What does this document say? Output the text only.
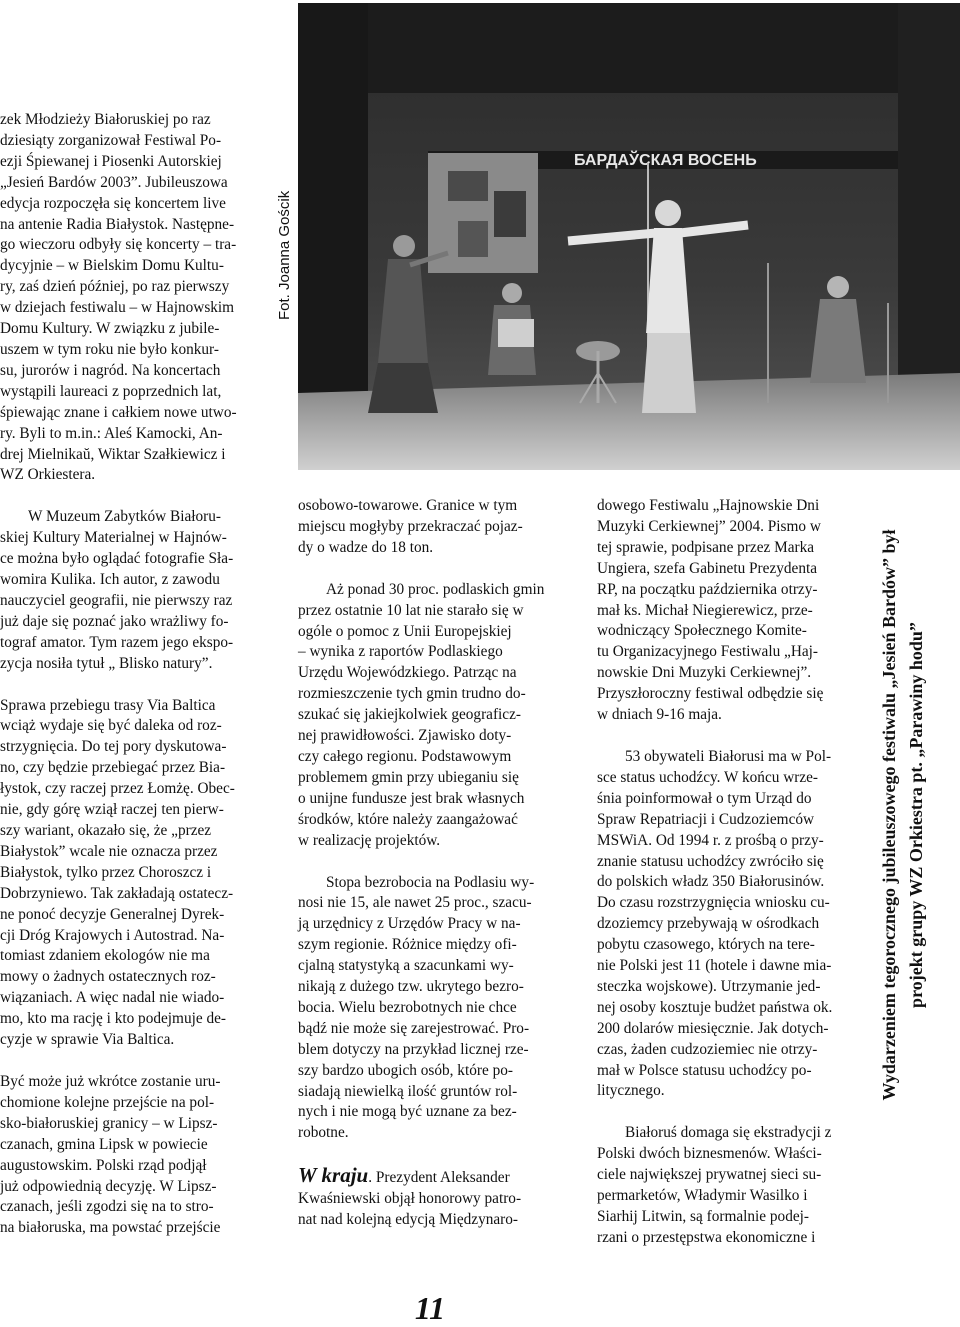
zek Młodzieży Białoruskiej po raz
dziesiąty zorganizował Festiwal Po-
ezji Śpiewanej i Piosenki Autorskiej
„Jesień Bardów 2003”. Jubileuszowa
edycja rozpoczęła się koncertem live
na antenie Radia Białystok. Następne-
go wieczoru odbyły się koncerty – tra-
dycyjnie – w Bielskim Domu Kultu-
ry, zaś dzień później, po raz pierwszy
w dziejach festiwalu – w Hajnowskim
Domu Kultury. W związku z jubile-
uszem w tym roku nie było konkur-
su, jurorów i nagród. Na koncertach
wystąpili laureaci z poprzednich lat,
śpiewając znane i całkiem nowe utwo-
ry. Byli to m.in.: Aleś Kamocki, An-
drej Mielnikaŭ, Wiktar Szałkiewicz i
WZ Orkiestera.

W Muzeum Zabytków Białoru-
skiej Kultury Materialnej w Hajnów-
ce można było oglądać fotografie Sła-
womira Kulika. Ich autor, z zawodu
nauczyciel geografii, nie pierwszy raz
już daje się poznać jako wrażliwy fo-
tograf amator. Tym razem jego ekspo-
zycja nosiła tytuł „ Blisko natury”.

Sprawa przebiegu trasy Via Baltica
wciąż wydaje się być daleka od roz-
strzygnięcia. Do tej pory dyskutowa-
no, czy będzie przebiegać przez Bia-
łystok, czy raczej przez Łomżę. Obec-
nie, gdy górę wziął raczej ten pierw-
szy wariant, okazało się, że „przez
Białystok” wcale nie oznacza przez
Białystok, tylko przez Choroszcz i
Dobrzyniewo. Tak zakładają ostatecz-
ne ponoć decyzje Generalnej Dyrek-
cji Dróg Krajowych i Autostrad. Na-
tomiast zdaniem ekologów nie ma
mowy o żadnych ostatecznych roz-
wiązaniach. A więc nadal nie wiado-
mo, kto ma rację i kto podejmuje de-
cyzje w sprawie Via Baltica.

Być może już wkrótce zostanie uru-
chomione kolejne przejście na pol-
sko-białoruskiej granicy – w Lipsz-
czanach, gmina Lipsk w powiecie
augustowskim. Polski rząd podjął
już odpowiednią decyzję. W Lipsz-
czanach, jeśli zgodzi się na to stro-
na białoruska, ma powstać przejście

osobowo-towarowe. Granice w tym
miejscu mogłyby przekraczać pojaz-
dy o wadze do 18 ton.

Aż ponad 30 proc. podlaskich gmin
przez ostatnie 10 lat nie starało się w
ogóle o pomoc z Unii Europejskiej
– wynika z raportów Podlaskiego
Urzędu Wojewódzkiego. Patrząc na
rozmieszczenie tych gmin trudno do-
szukać się jakiejkolwiek geograficz-
nej prawidłowości. Zjawisko doty-
czy całego regionu. Podstawowym
problemem gmin przy ubieganiu się
o unijne fundusze jest brak własnych
środków, które należy zaangażować
w realizację projektów.

Stopa bezrobocia na Podlasiu wy-
nosi nie 15, ale nawet 25 proc., szacu-
ją urzędnicy z Urzędów Pracy w na-
szym regionie. Różnice między ofi-
cjalną statystyką a szacunkami wy-
nikają z dużego tzw. ukrytego bezro-
bocia. Wielu bezrobotnych nie chce
bądź nie może się zarejestrować. Pro-
blem dotyczy na przykład licznej rze-
szy bardzo ubogich osób, które po-
siadają niewielką ilość gruntów rol-
nych i nie mogą być uznane za bez-
robotne.

W kraju. Prezydent Aleksander
Kwaśniewski objął honorowy patro-
nat nad kolejną edycją Międzynaro-

dowego Festiwalu „Hajnowskie Dni
Muzyki Cerkiewnej” 2004. Pismo w
tej sprawie, podpisane przez Marka
Ungiera, szefa Gabinetu Prezydenta
RP, na początku października otrzy-
mał ks. Michał Niegierewicz, prze-
wodniczący Społecznego Komite-
tu Organizacyjnego Festiwalu „Haj-
nowskie Dni Muzyki Cerkiewnej”.
Przyszłoroczny festiwal odbędzie się
w dniach 9-16 maja.

53 obywateli Białorusi ma w Pol-
sce status uchodźcy. W końcu wrze-
śnia poinformował o tym Urząd do
Spraw Repatriacji i Cudzoziemców
MSWiA. Od 1994 r. z prośbą o przy-
znanie statusu uchodźcy zwróciło się
do polskich władz 350 Białorusinów.
Do czasu rozstrzygnięcia wniosku cu-
dzoziemcy przebywają w ośrodkach
pobytu czasowego, których na tere-
nie Polski jest 11 (hotele i dawne mia-
steczka wojskowe). Utrzymanie jed-
nej osoby kosztuje budżet państwa ok.
200 dolarów miesięcznie. Jak dotych-
czas, żaden cudzoziemiec nie otrzy-
mał w Polsce statusu uchodźcy po-
litycznego.

Białoruś domaga się ekstradycji z
Polski dwóch biznesmenów. Właści-
ciele największej prywatnej sieci su-
permarketów, Władymir Wasilko i
Siarhij Litwin, są formalnie podej-
rzani o przestępstwa ekonomiczne i

БАРДАЎСКАЯ ВОСЕНЬ
Fot. Joanna Gościk
Wydarzeniem tegorocznego jubileuszowego festiwalu „Jesień Bardów” był projekt grupy WZ Orkiestra pt. „Parawiny hodu”
11
